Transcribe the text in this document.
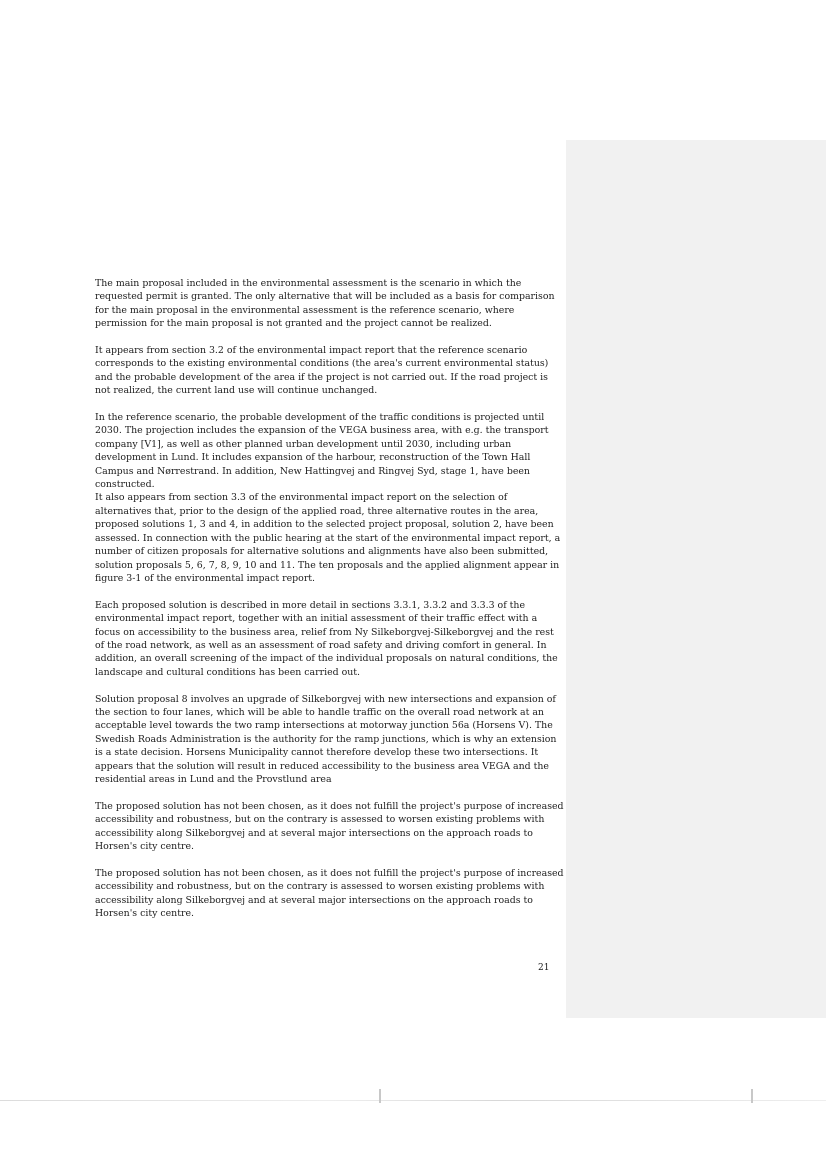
The main proposal included in the environmental assessment is the scenario in which the requested permit is granted. The only alternative that will be included as a basis for comparison for the main proposal in the environmental assessment is the reference scenario, where permission for the main proposal is not granted and the project cannot be realized.

It appears from section 3.2 of the environmental impact report that the reference scenario corresponds to the existing environmental conditions (the area's current environmental status) and the probable development of the area if the project is not carried out. If the road project is not realized, the current land use will continue unchanged.

In the reference scenario, the probable development of the traffic conditions is projected until 2030. The projection includes the expansion of the VEGA business area, with e.g. the transport company [V1], as well as other planned urban development until 2030, including urban development in Lund. It includes expansion of the harbour, reconstruction of the Town Hall Campus and Nørrestrand. In addition, New Hattingvej and Ringvej Syd, stage 1, have been constructed.

It also appears from section 3.3 of the environmental impact report on the selection of alternatives that, prior to the design of the applied road, three alternative routes in the area, proposed solutions 1, 3 and 4, in addition to the selected project proposal, solution 2, have been assessed. In connection with the public hearing at the start of the environmental impact report, a number of citizen proposals for alternative solutions and alignments have also been submitted, solution proposals 5, 6, 7, 8, 9, 10 and 11. The ten proposals and the applied alignment appear in figure 3-1 of the environmental impact report.

Each proposed solution is described in more detail in sections 3.3.1, 3.3.2 and 3.3.3 of the environmental impact report, together with an initial assessment of their traffic effect with a focus on accessibility to the business area, relief from Ny Silkeborgvej-Silkeborgvej and the rest of the road network, as well as an assessment of road safety and driving comfort in general. In addition, an overall screening of the impact of the individual proposals on natural conditions, the landscape and cultural conditions has been carried out.

Solution proposal 8 involves an upgrade of Silkeborgvej with new intersections and expansion of the section to four lanes, which will be able to handle traffic on the overall road network at an acceptable level towards the two ramp intersections at motorway junction 56a (Horsens V). The Swedish Roads Administration is the authority for the ramp junctions, which is why an extension is a state decision. Horsens Municipality cannot therefore develop these two intersections. It appears that the solution will result in reduced accessibility to the business area VEGA and the residential areas in Lund and the Provstlund area

The proposed solution has not been chosen, as it does not fulfill the project's purpose of increased accessibility and robustness, but on the contrary is assessed to worsen existing problems with accessibility along Silkeborgvej and at several major intersections on the approach roads to Horsen's city centre.

The proposed solution has not been chosen, as it does not fulfill the project's purpose of increased accessibility and robustness, but on the contrary is assessed to worsen existing problems with accessibility along Silkeborgvej and at several major intersections on the approach roads to Horsen's city centre.

21
